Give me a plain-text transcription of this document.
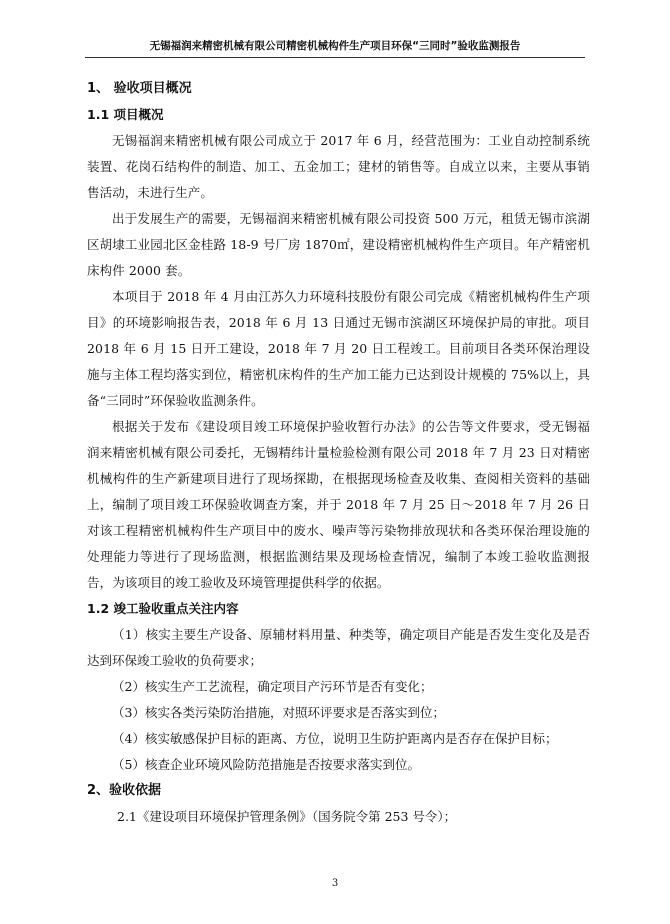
无锡福润来精密机械有限公司精密机械构件生产项目环保“三同时”验收监测报告
1、 验收项目概况
1.1 项目概况

无锡福润来精密机械有限公司成立于 2017 年 6 月，经营范围为：工业自动控制系统装置、花岗石结构件的制造、加工、五金加工；建材的销售等。自成立以来，主要从事销售活动，未进行生产。

出于发展生产的需要，无锡福润来精密机械有限公司投资 500 万元，租赁无锡市滨湖区胡埭工业园北区金桂路 18-9 号厂房 1870㎡，建设精密机械构件生产项目。年产精密机床构件 2000 套。

本项目于 2018 年 4 月由江苏久力环境科技股份有限公司完成《精密机械构件生产项目》的环境影响报告表，2018 年 6 月 13 日通过无锡市滨湖区环境保护局的审批。项目 2018 年 6 月 15 日开工建设，2018 年 7 月 20 日工程竣工。目前项目各类环保治理设施与主体工程均落实到位，精密机床构件的生产加工能力已达到设计规模的 75%以上，具备“三同时”环保验收监测条件。

根据关于发布《建设项目竣工环境保护验收暂行办法》的公告等文件要求，受无锡福润来精密机械有限公司委托，无锡精纬计量检验检测有限公司 2018 年 7 月 23 日对精密机械构件的生产新建项目进行了现场探勘，在根据现场检查及收集、查阅相关资料的基础上，编制了项目竣工环保验收调查方案，并于 2018 年 7 月 25 日～2018 年 7 月 26 日对该工程精密机械构件生产项目中的废水、噪声等污染物排放现状和各类环保治理设施的处理能力等进行了现场监测，根据监测结果及现场检查情况，编制了本竣工验收监测报告，为该项目的竣工验收及环境管理提供科学的依据。

1.2 竣工验收重点关注内容

（1）核实主要生产设备、原辅材料用量、种类等，确定项目产能是否发生变化及是否达到环保竣工验收的负荷要求；

（2）核实生产工艺流程，确定项目产污环节是否有变化；

（3）核实各类污染防治措施，对照环评要求是否落实到位；

（4）核实敏感保护目标的距离、方位，说明卫生防护距离内是否存在保护目标；

（5）核查企业环境风险防范措施是否按要求落实到位。

2、验收依据

2.1《建设项目环境保护管理条例》（国务院令第 253 号令）；

3
